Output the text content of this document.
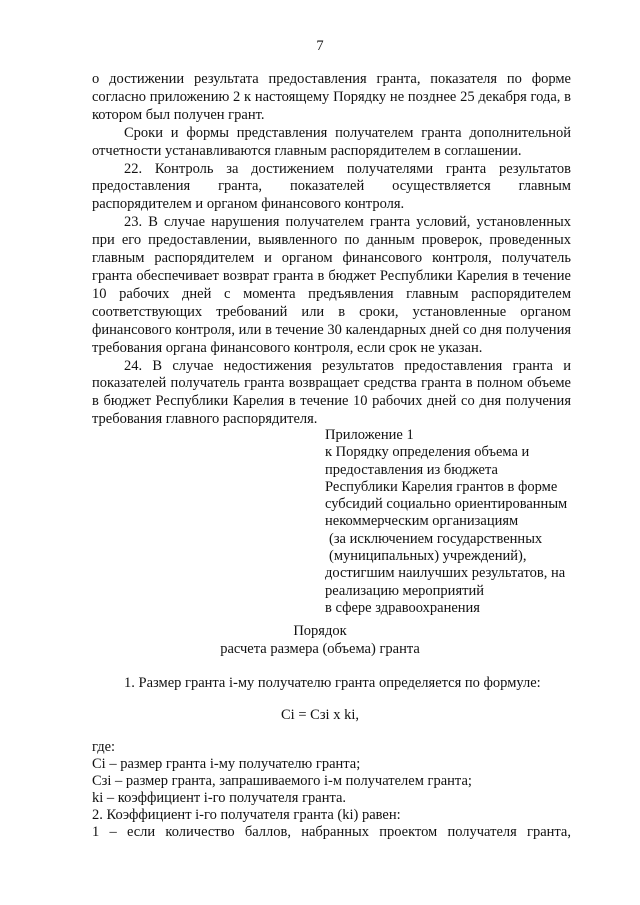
7

о достижении результата предоставления гранта, показателя по форме согласно приложению 2 к настоящему Порядку не позднее 25 декабря года, в котором был получен грант.

Сроки и формы представления получателем гранта дополнительной отчетности устанавливаются главным распорядителем в соглашении.

22. Контроль за достижением получателями гранта результатов предоставления гранта, показателей осуществляется главным распорядителем и органом финансового контроля.

23. В случае нарушения получателем гранта условий, установленных при его предоставлении, выявленного по данным проверок, проведенных главным распорядителем и органом финансового контроля, получатель гранта обеспечивает возврат гранта в бюджет Республики Карелия в течение 10 рабочих дней с момента предъявления главным распорядителем соответствующих требований или в сроки, установленные органом финансового контроля, или в течение 30 календарных дней со дня получения требования органа финансового контроля, если срок не указан.

24. В случае недостижения результатов предоставления гранта и показателей получатель гранта возвращает средства гранта в полном объеме в бюджет Республики Карелия в течение 10 рабочих дней со дня получения требования главного распорядителя.

Приложение 1
к Порядку определения объема и
предоставления из бюджета
Республики Карелия грантов в форме
субсидий социально ориентированным
некоммерческим организациям
(за исключением государственных
(муниципальных) учреждений),
достигшим наилучших результатов, на
реализацию мероприятий
в сфере здравоохранения
Порядок
расчета размера (объема) гранта
1. Размер гранта i-му получателю гранта определяется по формуле:
Ci = Cзi x ki,

где:

Ci – размер гранта i-му получателю гранта;

Cзi – размер гранта, запрашиваемого i-м получателем гранта;

ki – коэффициент i-го получателя гранта.

2. Коэффициент i-го получателя гранта (ki) равен:

1 – если количество баллов, набранных проектом получателя гранта,
